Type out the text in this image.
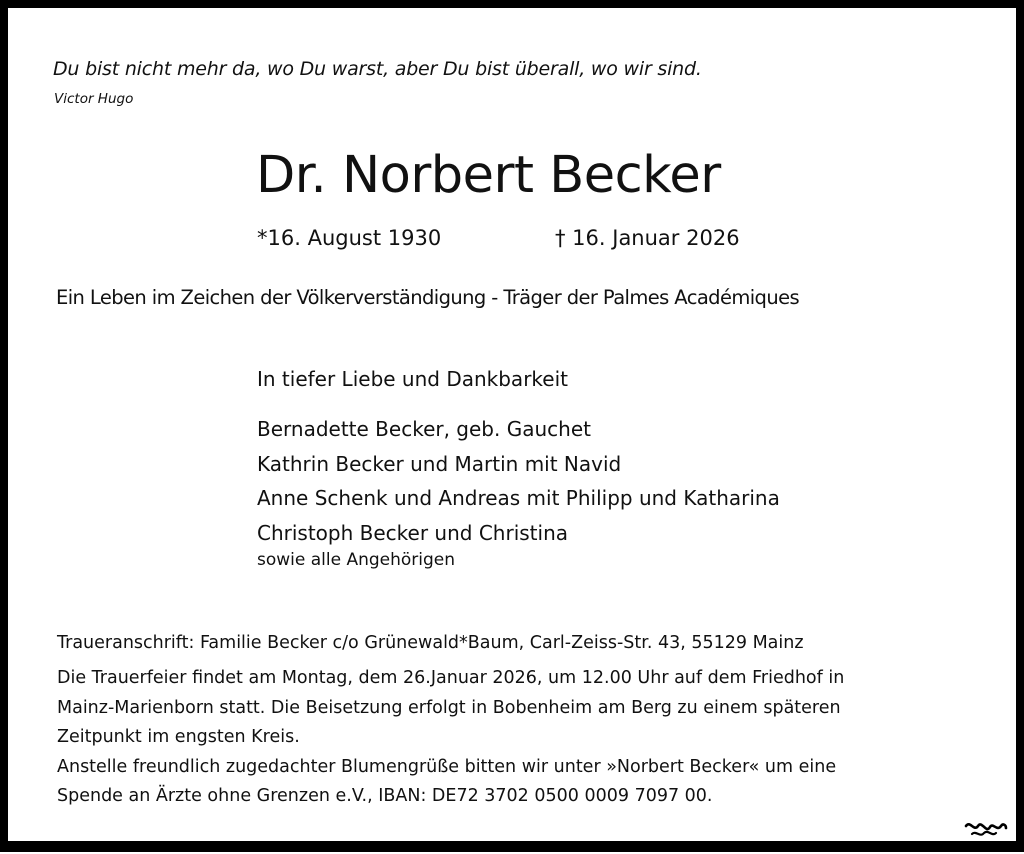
Du bist nicht mehr da, wo Du warst, aber Du bist überall, wo wir sind.
Victor Hugo
Dr. Norbert Becker
*16. August 1930	† 16. Januar 2026
Ein Leben im Zeichen der Völkerverständigung - Träger der Palmes Académiques
In tiefer Liebe und Dankbarkeit
Bernadette Becker, geb. Gauchet
Kathrin Becker und Martin mit Navid
Anne Schenk und Andreas mit Philipp und Katharina
Christoph Becker und Christina
sowie alle Angehörigen
Traueranschrift: Familie Becker c/o Grünewald*Baum, Carl-Zeiss-Str. 43, 55129 Mainz
Die Trauerfeier findet am Montag, dem 26.Januar 2026, um 12.00 Uhr auf dem Friedhof in
Mainz-Marienborn statt. Die Beisetzung erfolgt in Bobenheim am Berg zu einem späteren
Zeitpunkt im engsten Kreis.
Anstelle freundlich zugedachter Blumengrüße bitten wir unter »Norbert Becker« um eine
Spende an Ärzte ohne Grenzen e.V., IBAN: DE72 3702 0500 0009 7097 00.
